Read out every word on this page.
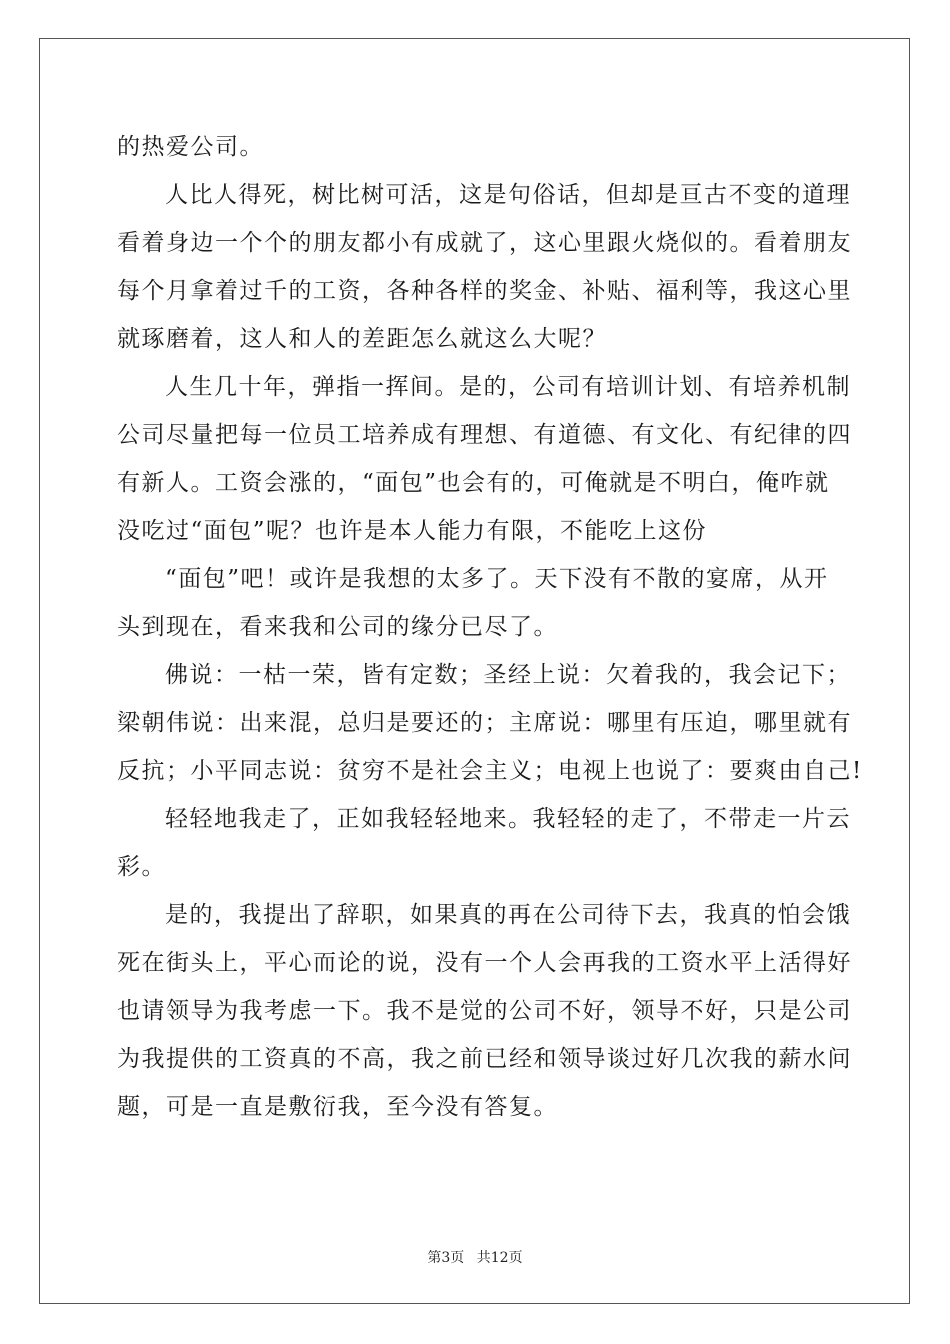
的热爱公司。

人比人得死，树比树可活，这是句俗话，但却是亘古不变的道理
看着身边一个个的朋友都小有成就了，这心里跟火烧似的。看着朋友
每个月拿着过千的工资，各种各样的奖金、补贴、福利等，我这心里
就琢磨着，这人和人的差距怎么就这么大呢？

人生几十年，弹指一挥间。是的，公司有培训计划、有培养机制
公司尽量把每一位员工培养成有理想、有道德、有文化、有纪律的四
有新人。工资会涨的，“面包”也会有的，可俺就是不明白，俺咋就
没吃过“面包”呢？也许是本人能力有限，不能吃上这份

“面包”吧！或许是我想的太多了。天下没有不散的宴席，从开
头到现在，看来我和公司的缘分已尽了。

佛说：一枯一荣，皆有定数；圣经上说：欠着我的，我会记下；
梁朝伟说：出来混，总归是要还的；主席说：哪里有压迫，哪里就有
反抗；小平同志说：贫穷不是社会主义；电视上也说了：要爽由自己!

轻轻地我走了，正如我轻轻地来。我轻轻的走了，不带走一片云
彩。

是的，我提出了辞职，如果真的再在公司待下去，我真的怕会饿
死在街头上，平心而论的说，没有一个人会再我的工资水平上活得好
也请领导为我考虑一下。我不是觉的公司不好，领导不好，只是公司
为我提供的工资真的不高，我之前已经和领导谈过好几次我的薪水问
题，可是一直是敷衍我，至今没有答复。

第3页 共12页
